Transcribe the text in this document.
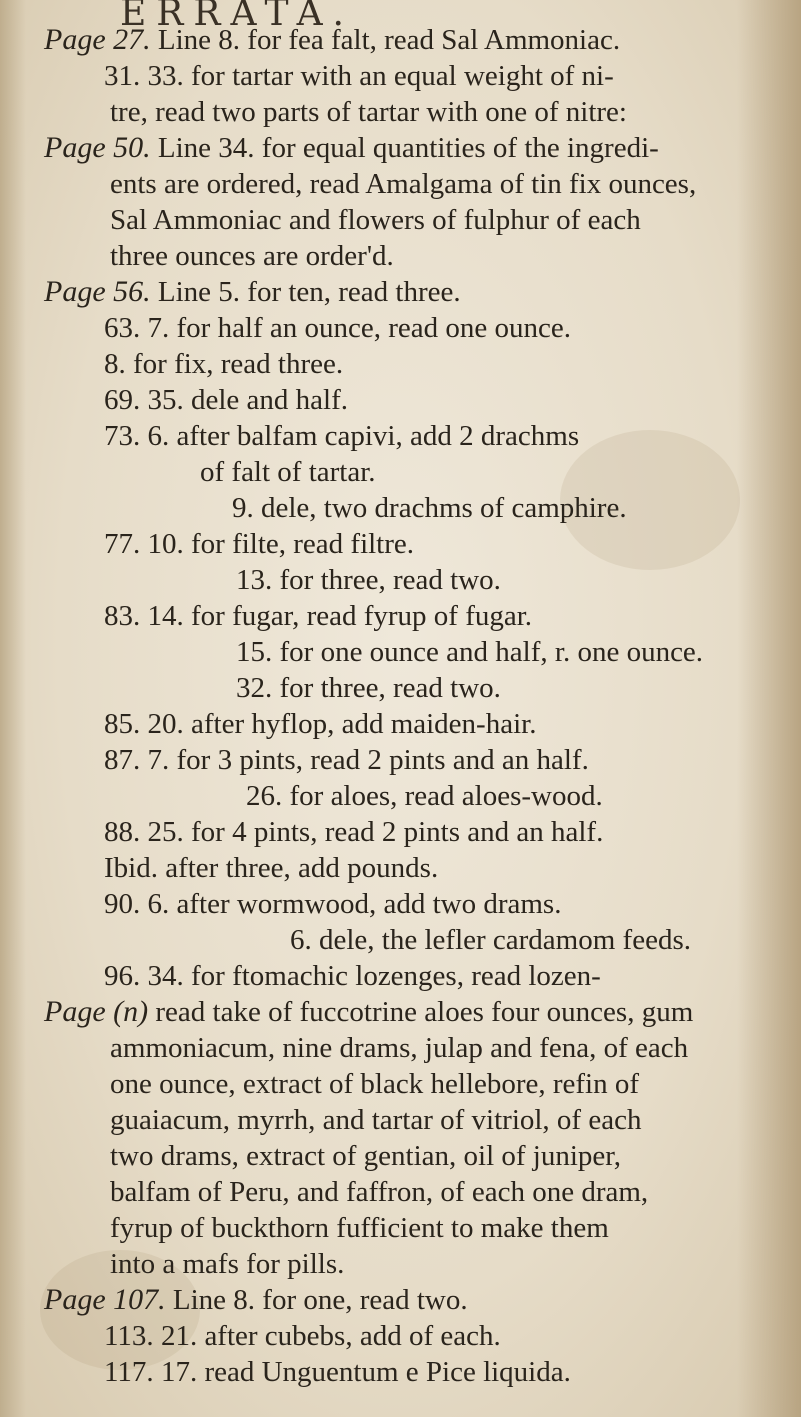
ERRATA.
Page 27. Line 8. for fea falt, read Sal Ammoniac.
31. 33. for tartar with an equal weight of ni-
tre, read two parts of tartar with one of nitre:
Page 50. Line 34. for equal quantities of the ingredi-
ents are ordered, read Amalgama of tin fix ounces,
Sal Ammoniac and flowers of fulphur of each
three ounces are order'd.
Page 56. Line 5. for ten, read three.
63. 7. for half an ounce, read one ounce.
8. for fix, read three.
69. 35. dele and half.
73. 6. after balfam capivi, add 2 drachms
of falt of tartar.
9. dele, two drachms of camphire.
77. 10. for filte, read filtre.
13. for three, read two.
83. 14. for fugar, read fyrup of fugar.
15. for one ounce and half, r. one ounce.
32. for three, read two.
85. 20. after hyflop, add maiden-hair.
87. 7. for 3 pints, read 2 pints and an half.
26. for aloes, read aloes-wood.
88. 25. for 4 pints, read 2 pints and an half.
Ibid. after three, add pounds.
90. 6. after wormwood, add two drams.
6. dele, the lefler cardamom feeds.
96. 34. for ftomachic lozenges, read lozen-
Page (n) read take of fuccotrine aloes four ounces, gum
ammoniacum, nine drams, julap and fena, of each
one ounce, extract of black hellebore, refin of
guaiacum, myrrh, and tartar of vitriol, of each
two drams, extract of gentian, oil of juniper,
balfam of Peru, and faffron, of each one dram,
fyrup of buckthorn fufficient to make them
into a mafs for pills.
Page 107. Line 8. for one, read two.
113. 21. after cubebs, add of each.
117. 17. read Unguentum e Pice liquida.
